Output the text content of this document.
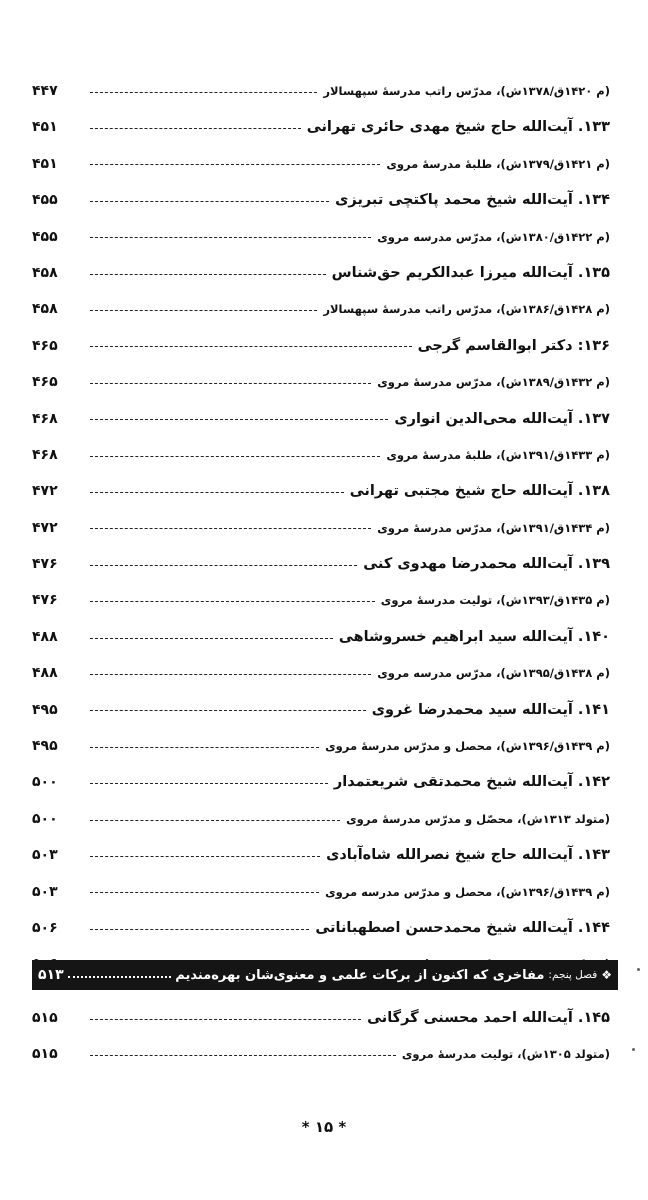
(م ۱۴۲۰ق/۱۳۷۸ش)، مدرّس راتب مدرسهٔ سپهسالار
۴۴۷
۱۳۳. آیت‌الله حاج شیخ مهدی حائری تهرانی
۴۵۱
(م ۱۴۲۱ق/۱۳۷۹ش)، طلبهٔ مدرسهٔ مروی
۴۵۱
۱۳۴. آیت‌الله شیخ محمد پاکتچی تبریزی
۴۵۵
(م ۱۴۲۲ق/۱۳۸۰ش)، مدرّس مدرسه مروی
۴۵۵
۱۳۵. آیت‌الله میرزا عبدالکریم حق‌شناس
۴۵۸
(م ۱۴۲۸ق/۱۳۸۶ش)، مدرّس راتب مدرسهٔ سپهسالار
۴۵۸
۱۳۶: دکتر ابوالقاسم گرجی
۴۶۵
(م ۱۴۳۲ق/۱۳۸۹ش)، مدرّس مدرسهٔ مروی
۴۶۵
۱۳۷. آیت‌الله محی‌الدین انواری
۴۶۸
(م ۱۴۳۳ق/۱۳۹۱ش)، طلبهٔ مدرسهٔ مروی
۴۶۸
۱۳۸. آیت‌الله حاج شیخ مجتبی تهرانی
۴۷۲
(م ۱۴۳۴ق/۱۳۹۱ش)، مدرّس مدرسهٔ مروی
۴۷۲
۱۳۹. آیت‌الله محمدرضا مهدوی کنی
۴۷۶
(م ۱۴۳۵ق/۱۳۹۳ش)، تولیت مدرسهٔ مروی
۴۷۶
۱۴۰. آیت‌الله سید ابراهیم خسروشاهی
۴۸۸
(م ۱۴۳۸ق/۱۳۹۵ش)، مدرّس مدرسه مروی
۴۸۸
۱۴۱. آیت‌الله سید محمدرضا غروی
۴۹۵
(م ۱۴۳۹ق/۱۳۹۶ش)، محصل و مدرّس مدرسهٔ مروی
۴۹۵
۱۴۲. آیت‌الله شیخ محمدتقی شریعتمدار
۵۰۰
(متولد ۱۳۱۳ش)، محصّل و مدرّس مدرسهٔ مروی
۵۰۰
۱۴۳. آیت‌الله حاج شیخ نصرالله شاه‌آبادی
۵۰۳
(م ۱۴۳۹ق/۱۳۹۶ش)، محصل و مدرّس مدرسه مروی
۵۰۳
۱۴۴. آیت‌الله شیخ محمدحسن اصطهباناتی
۵۰۶
❖
فصل پنجم:
مفاخری که اکنون از برکات علمی و معنوی‌شان بهره‌مندیم
۵۱۳
۱۴۵. آیت‌الله احمد محسنی گرگانی
۵۱۵
(متولد ۱۳۰۵ش)، تولیت مدرسهٔ مروی
۵۱۵
* ۱۵ *
